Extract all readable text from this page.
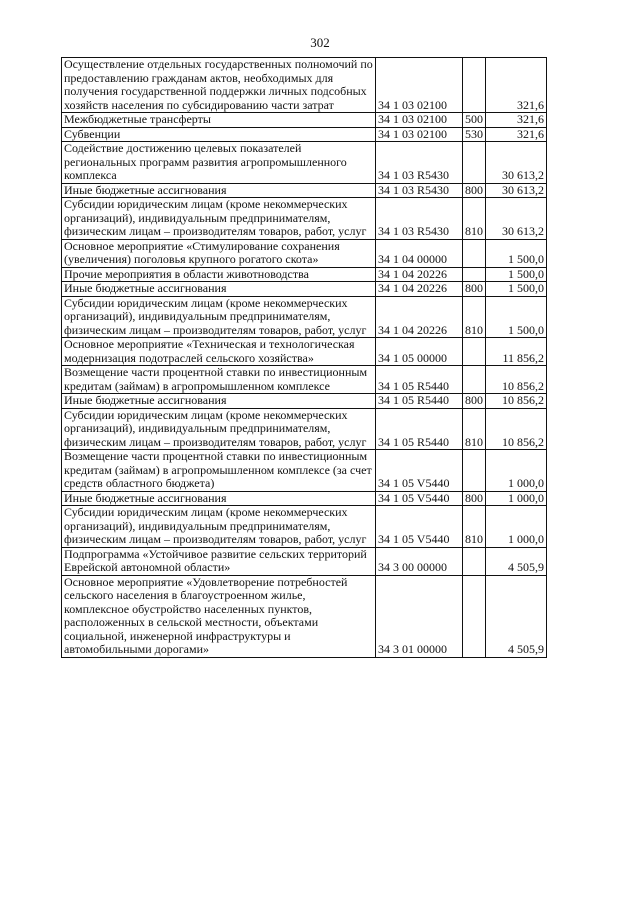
302
Осуществление отдельных государственных полномочий по предоставлению гражданам актов, необходимых для получения государственной поддержки личных подсобных хозяйств населения по субсидированию части затрат	34 1 03 02100		321,6
Межбюджетные трансферты	34 1 03 02100	500	321,6
Субвенции	34 1 03 02100	530	321,6
Содействие достижению целевых показателей региональных программ развития агропромышленного комплекса	34 1 03 R5430		30 613,2
Иные бюджетные ассигнования	34 1 03 R5430	800	30 613,2
Субсидии юридическим лицам (кроме некоммерческих организаций), индивидуальным предпринимателям, физическим лицам – производителям товаров, работ, услуг	34 1 03 R5430	810	30 613,2
Основное мероприятие «Стимулирование сохранения (увеличения) поголовья крупного рогатого скота»	34 1 04 00000		1 500,0
Прочие мероприятия в области животноводства	34 1 04 20226		1 500,0
Иные бюджетные ассигнования	34 1 04 20226	800	1 500,0
Субсидии юридическим лицам (кроме некоммерческих организаций), индивидуальным предпринимателям, физическим лицам – производителям товаров, работ, услуг	34 1 04 20226	810	1 500,0
Основное мероприятие «Техническая и технологическая модернизация подотраслей сельского хозяйства»	34 1 05 00000		11 856,2
Возмещение части процентной ставки по инвестиционным кредитам (займам) в агропромышленном комплексе	34 1 05 R5440		10 856,2
Иные бюджетные ассигнования	34 1 05 R5440	800	10 856,2
Субсидии юридическим лицам (кроме некоммерческих организаций), индивидуальным предпринимателям, физическим лицам – производителям товаров, работ, услуг	34 1 05 R5440	810	10 856,2
Возмещение части процентной ставки по инвестиционным кредитам (займам) в агропромышленном комплексе (за счет средств областного бюджета)	34 1 05 V5440		1 000,0
Иные бюджетные ассигнования	34 1 05 V5440	800	1 000,0
Субсидии юридическим лицам (кроме некоммерческих организаций), индивидуальным предпринимателям, физическим лицам – производителям товаров, работ, услуг	34 1 05 V5440	810	1 000,0
Подпрограмма «Устойчивое развитие сельских территорий Еврейской автономной области»	34 3 00 00000		4 505,9
Основное мероприятие «Удовлетворение потребностей сельского населения в благоустроенном жилье, комплексное обустройство населенных пунктов, расположенных в сельской местности, объектами социальной, инженерной инфраструктуры и автомобильными дорогами»	34 3 01 00000		4 505,9
